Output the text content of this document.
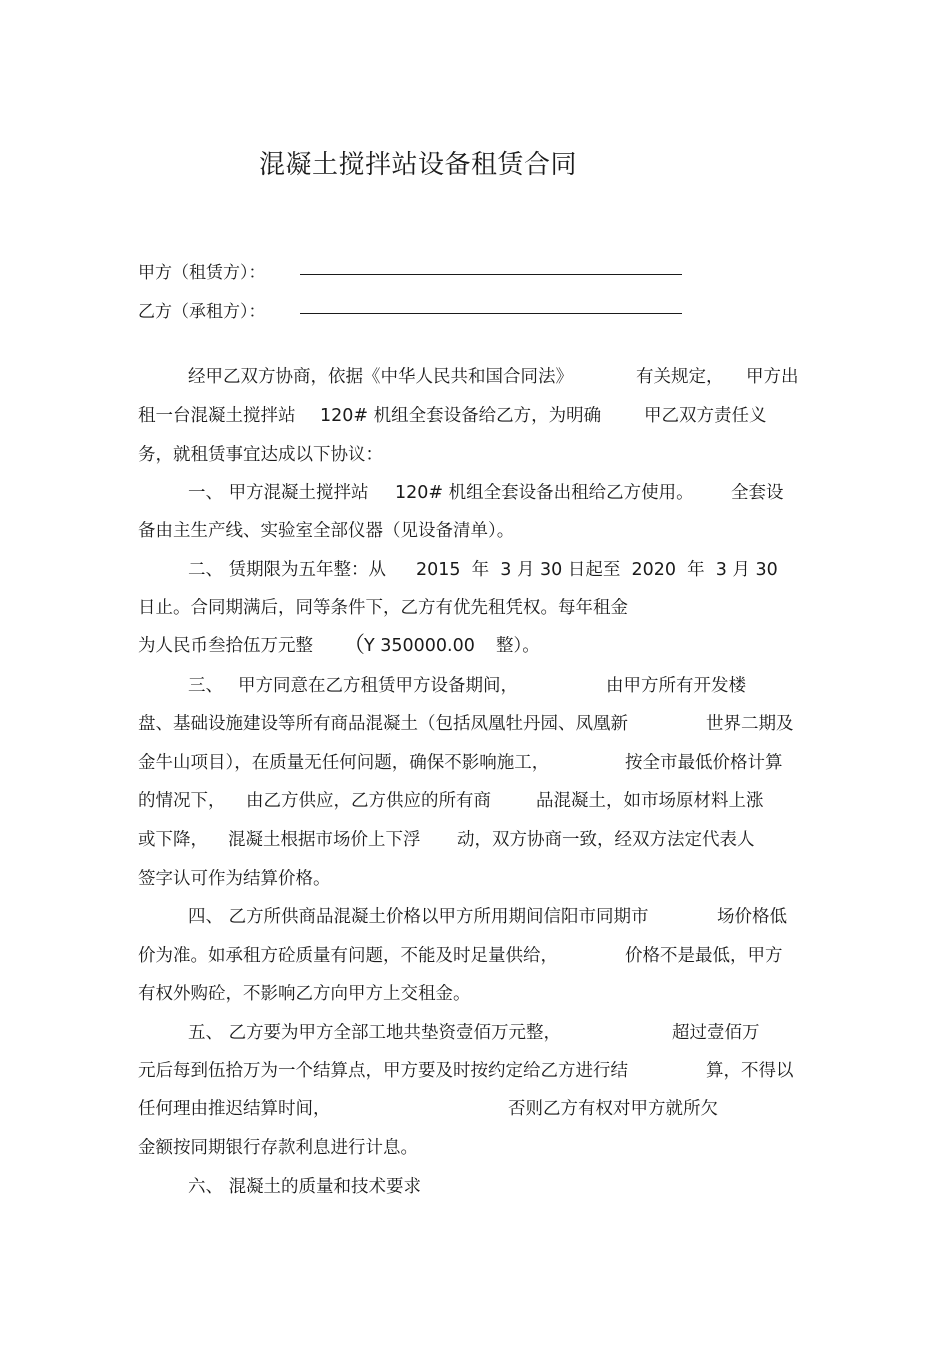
混凝土搅拌站设备租赁合同
甲方（租赁方）：
乙方（承租方）：
经甲乙双方协商，依据《中华人民共和国合同法》	有关规定， 甲方出
租一台混凝土搅拌站 120# 机组全套设备给乙方，为明确 甲乙双方责任义
务，就租赁事宜达成以下协议：
一、 甲方混凝土搅拌站 120# 机组全套设备出租给乙方使用。 全套设
备由主生产线、实验室全部仪器（见设备清单）。
二、 赁期限为五年整：从 2015  年  3 月 30 日起至  2020  年  3 月 30
日止。合同期满后，同等条件下，乙方有优先租凭权。每年租金
为人民币叁拾伍万元整 （
Y 350000.00 整）。
三、 甲方同意在乙方租赁甲方设备期间，	由甲方所有开发楼
盘、基础设施建设等所有商品混凝土（包括凤凰牡丹园、凤凰新	世界二期及
金牛山项目），在质量无任何问题，确保不影响施工，	按全市最低价格计算
的情况下， 由乙方供应，乙方供应的所有商	品混凝土，如市场原材料上涨
或下降， 混凝土根据市场价上下浮 动，双方协商一致，经双方法定代表人
签字认可作为结算价格。
四、 乙方所供商品混凝土价格以甲方所用期间信阳市同期市	场价格低
价为准。如承租方砼质量有问题，不能及时足量供给，	价格不是最低，甲方
有权外购砼，不影响乙方向甲方上交租金。
五、 乙方要为甲方全部工地共垫资壹佰万元整，	超过壹佰万
元后每到伍拾万为一个结算点，甲方要及时按约定给乙方进行结	算，不得以
任何理由推迟结算时间，	否则乙方有权对甲方就所欠
金额按同期银行存款利息进行计息。
六、 混凝土的质量和技术要求
